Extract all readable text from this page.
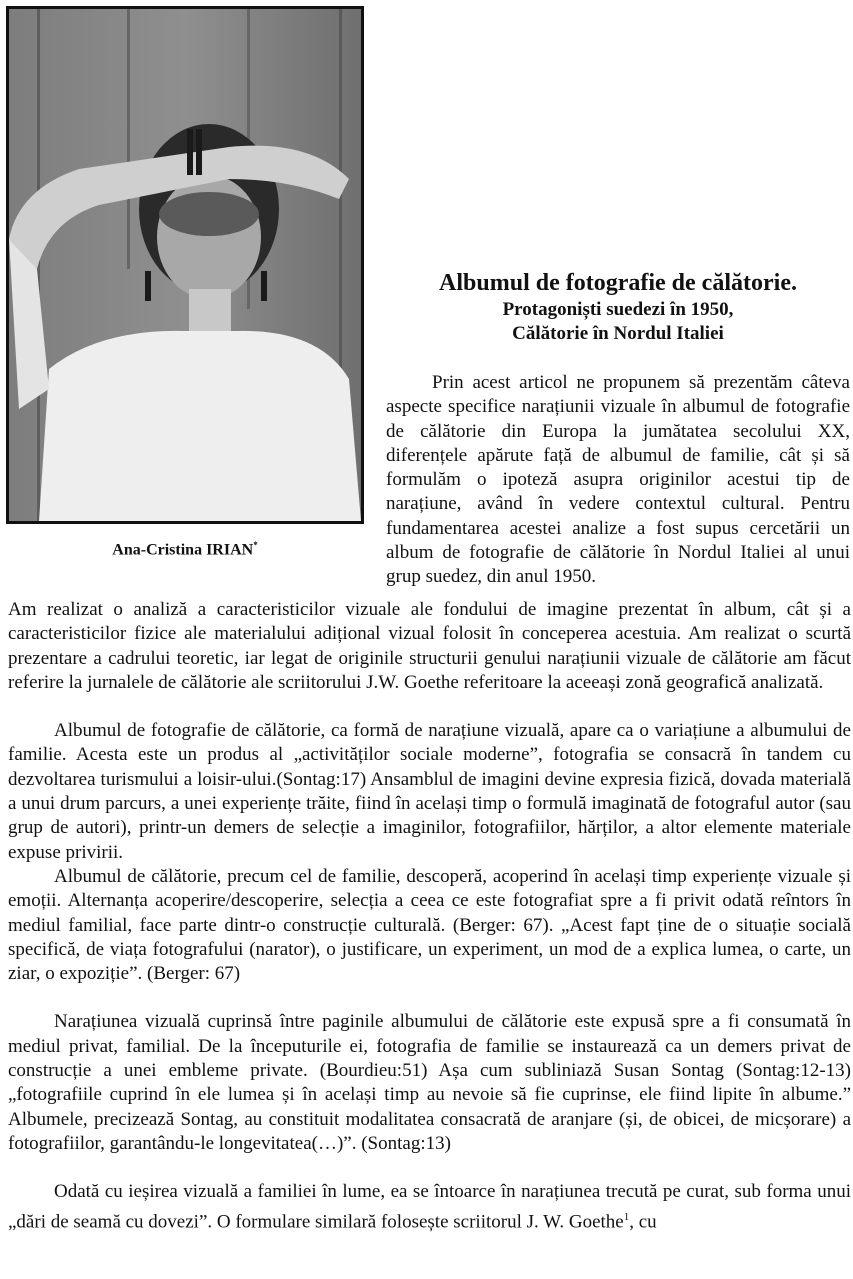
Ana-Cristina IRIAN*
Albumul de fotografie de călătorie.
Protagoniști suedezi în 1950,
Călătorie în Nordul Italiei

Prin acest articol ne propunem să prezentăm câteva aspecte specifice narațiunii vizuale în albumul de fotografie de călătorie din Europa la jumătatea secolului XX, diferențele apărute față de albumul de familie, cât și să formulăm o ipoteză asupra originilor acestui tip de narațiune, având în vedere contextul cultural. Pentru fundamentarea acestei analize a fost supus cercetării un album de fotografie de călătorie în Nordul Italiei al unui grup suedez, din anul 1950.

Am realizat o analiză a caracteristicilor vizuale ale fondului de imagine prezentat în album, cât și a caracteristicilor fizice ale materialului adițional vizual folosit în conceperea acestuia. Am realizat o scurtă prezentare a cadrului teoretic, iar legat de originile structurii genului narațiunii vizuale de călătorie am făcut referire la jurnalele de călătorie ale scriitorului J.W. Goethe referitoare la aceeași zonă geografică analizată.

Albumul de fotografie de călătorie, ca formă de narațiune vizuală, apare ca o variațiune a albumului de familie. Acesta este un produs al „activităților sociale moderne”, fotografia se consacră în tandem cu dezvoltarea turismului a loisir-ului.(Sontag:17) Ansamblul de imagini devine expresia fizică, dovada materială a unui drum parcurs, a unei experiențe trăite, fiind în același timp o formulă imaginată de fotograful autor (sau grup de autori), printr-un demers de selecție a imaginilor, fotografiilor, hărților, a altor elemente materiale expuse privirii.

Albumul de călătorie, precum cel de familie, descoperă, acoperind în același timp experiențe vizuale și emoții. Alternanța acoperire/descoperire, selecția a ceea ce este fotografiat spre a fi privit odată reîntors în mediul familial, face parte dintr-o construcție culturală. (Berger: 67). „Acest fapt ține de o situație socială specifică, de viața fotografului (narator), o justificare, un experiment, un mod de a explica lumea, o carte, un ziar, o expoziție”. (Berger: 67)

Narațiunea vizuală cuprinsă între paginile albumului de călătorie este expusă spre a fi consumată în mediul privat, familial. De la începuturile ei, fotografia de familie se instaurează ca un demers privat de construcție a unei embleme private. (Bourdieu:51) Așa cum subliniază Susan Sontag (Sontag:12-13) „fotografiile cuprind în ele lumea și în același timp au nevoie să fie cuprinse, ele fiind lipite în albume.” Albumele, precizează Sontag, au constituit modalitatea consacrată de aranjare (și, de obicei, de micșorare) a fotografiilor, garantându-le longevitatea(…)”. (Sontag:13)

Odată cu ieșirea vizuală a familiei în lume, ea se întoarce în narațiunea trecută pe curat, sub forma unui „dări de seamă cu dovezi”. O formulare similară folosește scriitorul J. W. Goethe$^1$, cu
